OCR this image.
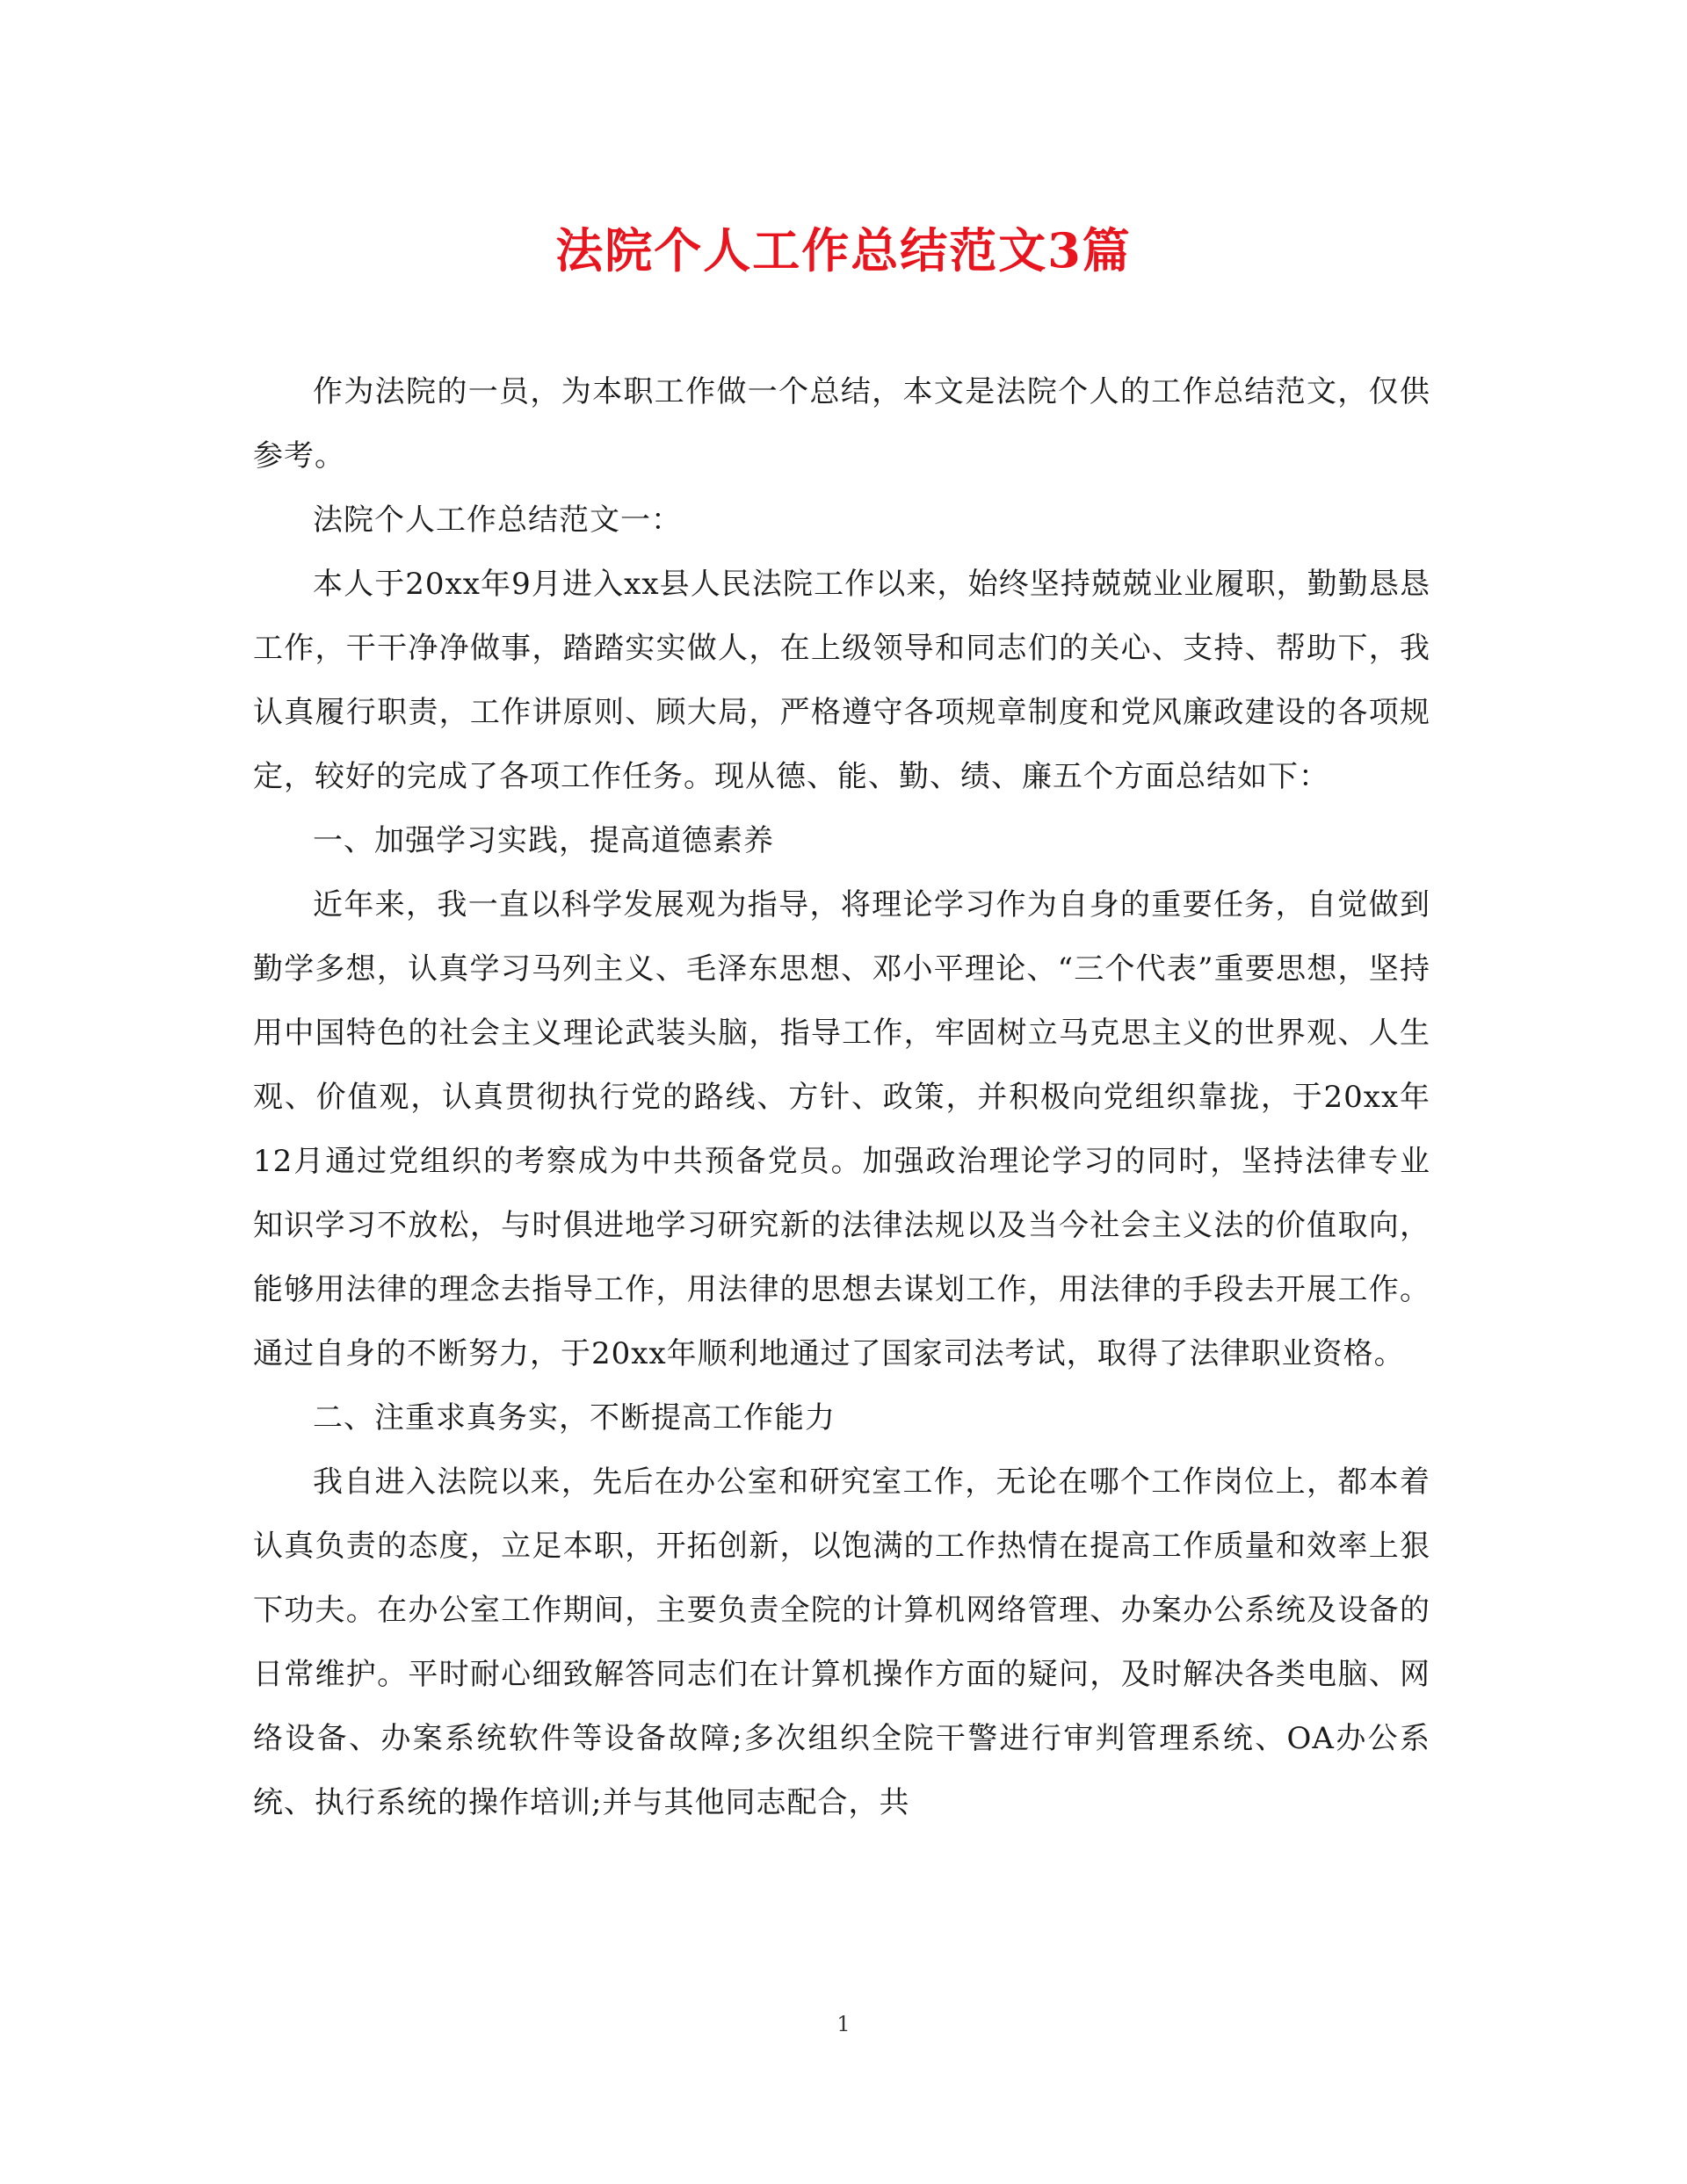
法院个人工作总结范文3篇

作为法院的一员，为本职工作做一个总结，本文是法院个人的工作总结范文，仅供参考。

法院个人工作总结范文一：

本人于20xx年9月进入xx县人民法院工作以来，始终坚持兢兢业业履职，勤勤恳恳工作，干干净净做事，踏踏实实做人，在上级领导和同志们的关心、支持、帮助下，我认真履行职责，工作讲原则、顾大局，严格遵守各项规章制度和党风廉政建设的各项规定，较好的完成了各项工作任务。现从德、能、勤、绩、廉五个方面总结如下：

一、加强学习实践，提高道德素养

近年来，我一直以科学发展观为指导，将理论学习作为自身的重要任务，自觉做到勤学多想，认真学习马列主义、毛泽东思想、邓小平理论、“三个代表”重要思想，坚持用中国特色的社会主义理论武装头脑，指导工作，牢固树立马克思主义的世界观、人生观、价值观，认真贯彻执行党的路线、方针、政策，并积极向党组织靠拢，于20xx年12月通过党组织的考察成为中共预备党员。加强政治理论学习的同时，坚持法律专业知识学习不放松，与时俱进地学习研究新的法律法规以及当今社会主义法的价值取向，能够用法律的理念去指导工作，用法律的思想去谋划工作，用法律的手段去开展工作。通过自身的不断努力，于20xx年顺利地通过了国家司法考试，取得了法律职业资格。

二、注重求真务实，不断提高工作能力

我自进入法院以来，先后在办公室和研究室工作，无论在哪个工作岗位上，都本着认真负责的态度，立足本职，开拓创新，以饱满的工作热情在提高工作质量和效率上狠下功夫。在办公室工作期间，主要负责全院的计算机网络管理、办案办公系统及设备的日常维护。平时耐心细致解答同志们在计算机操作方面的疑问，及时解决各类电脑、网络设备、办案系统软件等设备故障;多次组织全院干警进行审判管理系统、OA办公系统、执行系统的操作培训;并与其他同志配合，共

1
